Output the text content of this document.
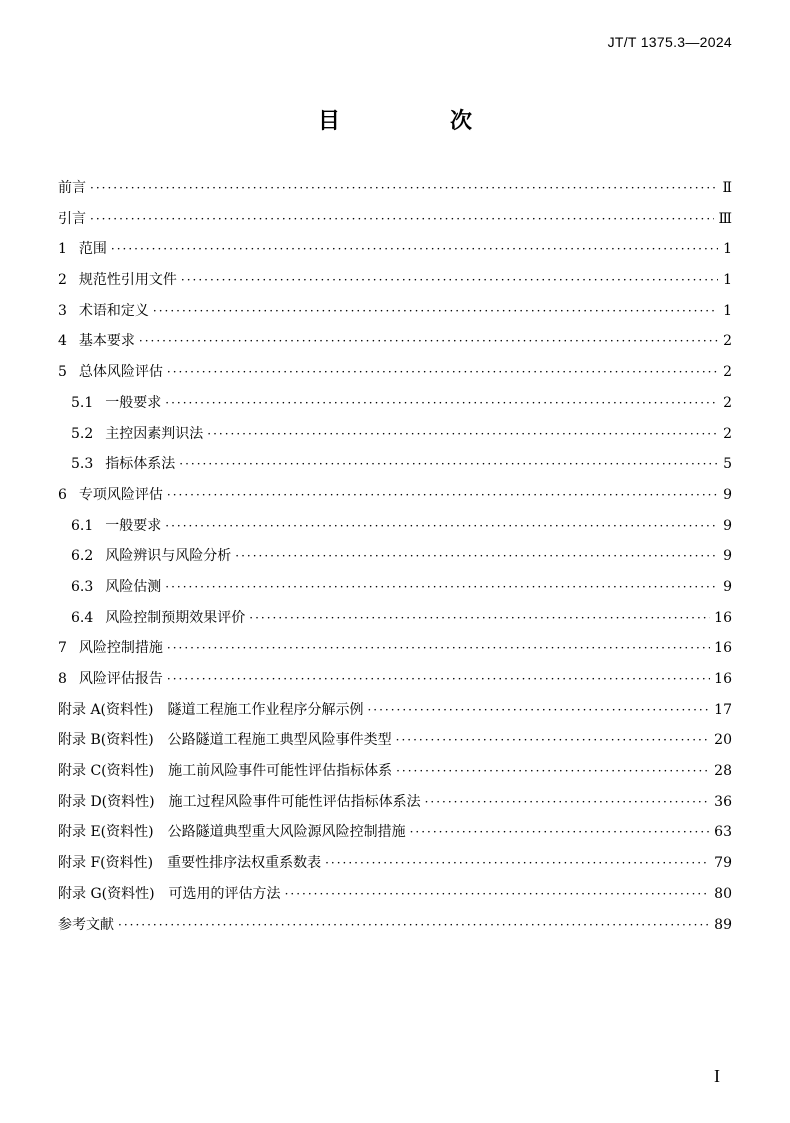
JT/T 1375.3—2024
目　次
前言 ·····	Ⅱ
引言 ·····	Ⅲ
1 范围 ·····	1
2 规范性引用文件 ·····	1
3 术语和定义 ·····	1
4 基本要求 ·····	2
5 总体风险评估 ·····	2
5.1 一般要求 ·····	2
5.2 主控因素判识法 ·····	2
5.3 指标体系法 ·····	5
6 专项风险评估 ·····	9
6.1 一般要求 ·····	9
6.2 风险辨识与风险分析 ·····	9
6.3 风险估测 ·····	9
6.4 风险控制预期效果评价 ·····	16
7 风险控制措施 ·····	16
8 风险评估报告 ·····	16
附录 A(资料性)　隧道工程施工作业程序分解示例 ·····	17
附录 B(资料性)　公路隧道工程施工典型风险事件类型 ·····	20
附录 C(资料性)　施工前风险事件可能性评估指标体系 ·····	28
附录 D(资料性)　施工过程风险事件可能性评估指标体系法 ·····	36
附录 E(资料性)　公路隧道典型重大风险源风险控制措施 ·····	63
附录 F(资料性)　重要性排序法权重系数表 ·····	79
附录 G(资料性)　可选用的评估方法 ·····	80
参考文献 ·····	89
I
